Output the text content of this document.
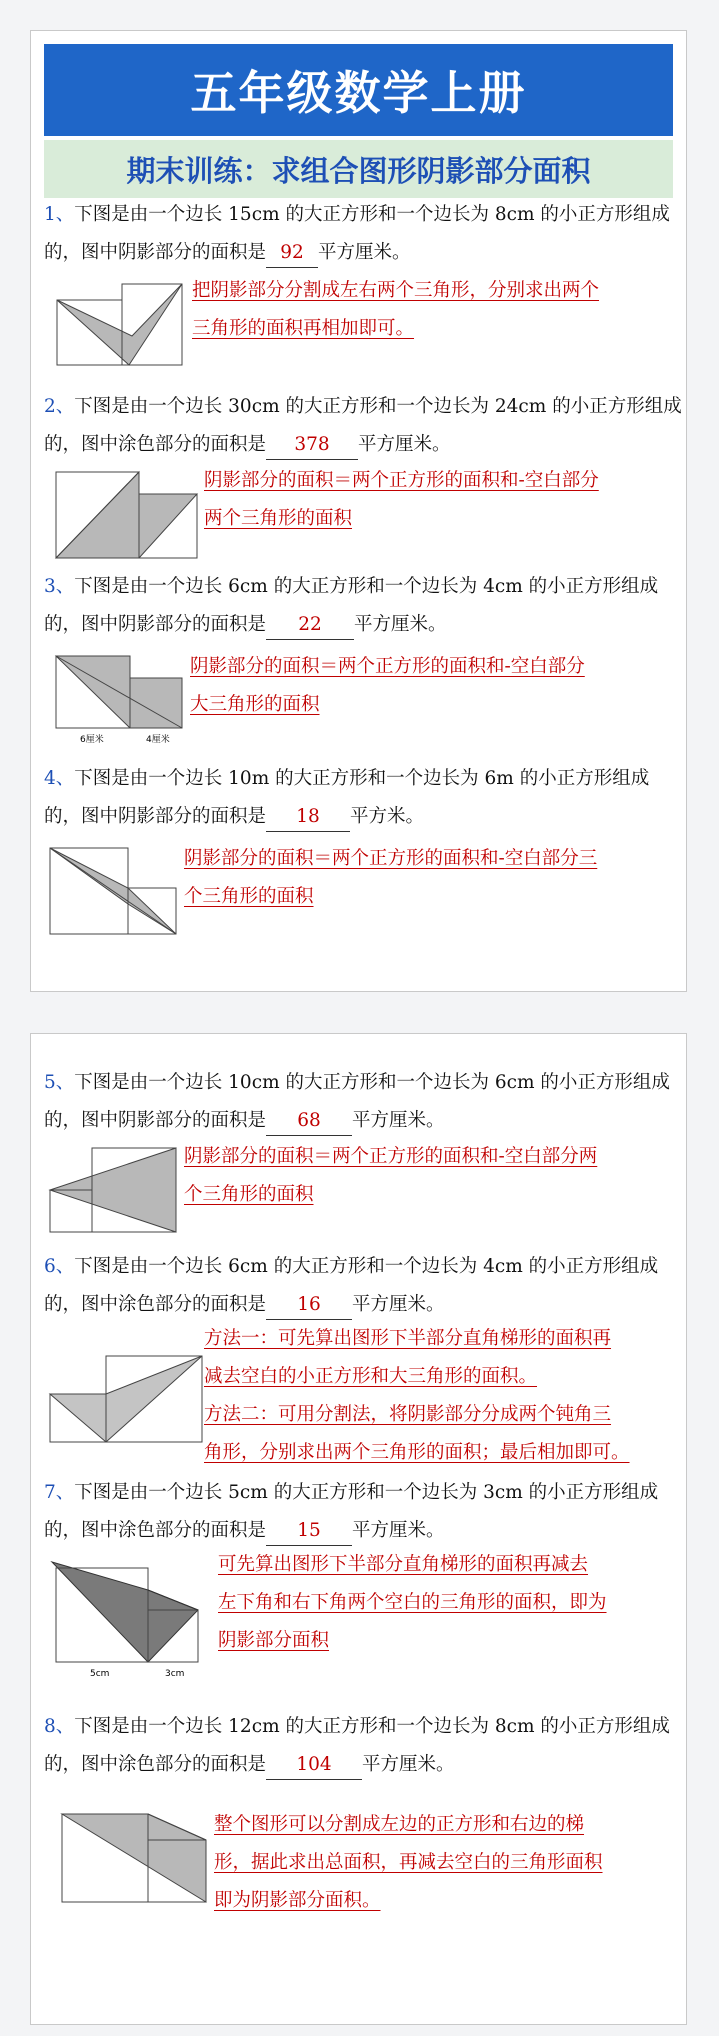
五年级数学上册
期末训练：求组合图形阴影部分面积
1、下图是由一个边长 15cm 的大正方形和一个边长为 8cm 的小正方形组成的，图中阴影部分的面积是 92 平方厘米。
把阴影部分分割成左右两个三角形，分别求出两个
三角形的面积再相加即可。
2、下图是由一个边长 30cm 的大正方形和一个边长为 24cm 的小正方形组成的，图中涂色部分的面积是 378 平方厘米。
阴影部分的面积＝两个正方形的面积和-空白部分
两个三角形的面积
3、下图是由一个边长 6cm 的大正方形和一个边长为 4cm 的小正方形组成的，图中阴影部分的面积是 22 平方厘米。
6厘米	4厘米
阴影部分的面积＝两个正方形的面积和-空白部分
大三角形的面积
4、下图是由一个边长 10m 的大正方形和一个边长为 6m 的小正方形组成的，图中阴影部分的面积是 18 平方米。
阴影部分的面积＝两个正方形的面积和-空白部分三
个三角形的面积
5、下图是由一个边长 10cm 的大正方形和一个边长为 6cm 的小正方形组成的，图中阴影部分的面积是 68 平方厘米。
阴影部分的面积＝两个正方形的面积和-空白部分两
个三角形的面积
6、下图是由一个边长 6cm 的大正方形和一个边长为 4cm 的小正方形组成的，图中涂色部分的面积是 16 平方厘米。
方法一：可先算出图形下半部分直角梯形的面积再
减去空白的小正方形和大三角形的面积。
方法二：可用分割法，将阴影部分分成两个钝角三
角形，分别求出两个三角形的面积；最后相加即可。
7、下图是由一个边长 5cm 的大正方形和一个边长为 3cm 的小正方形组成的，图中涂色部分的面积是 15 平方厘米。
5cm	3cm
可先算出图形下半部分直角梯形的面积再减去
左下角和右下角两个空白的三角形的面积，即为
阴影部分面积
8、下图是由一个边长 12cm 的大正方形和一个边长为 8cm 的小正方形组成的，图中涂色部分的面积是 104 平方厘米。
整个图形可以分割成左边的正方形和右边的梯
形，据此求出总面积，再减去空白的三角形面积
即为阴影部分面积。
